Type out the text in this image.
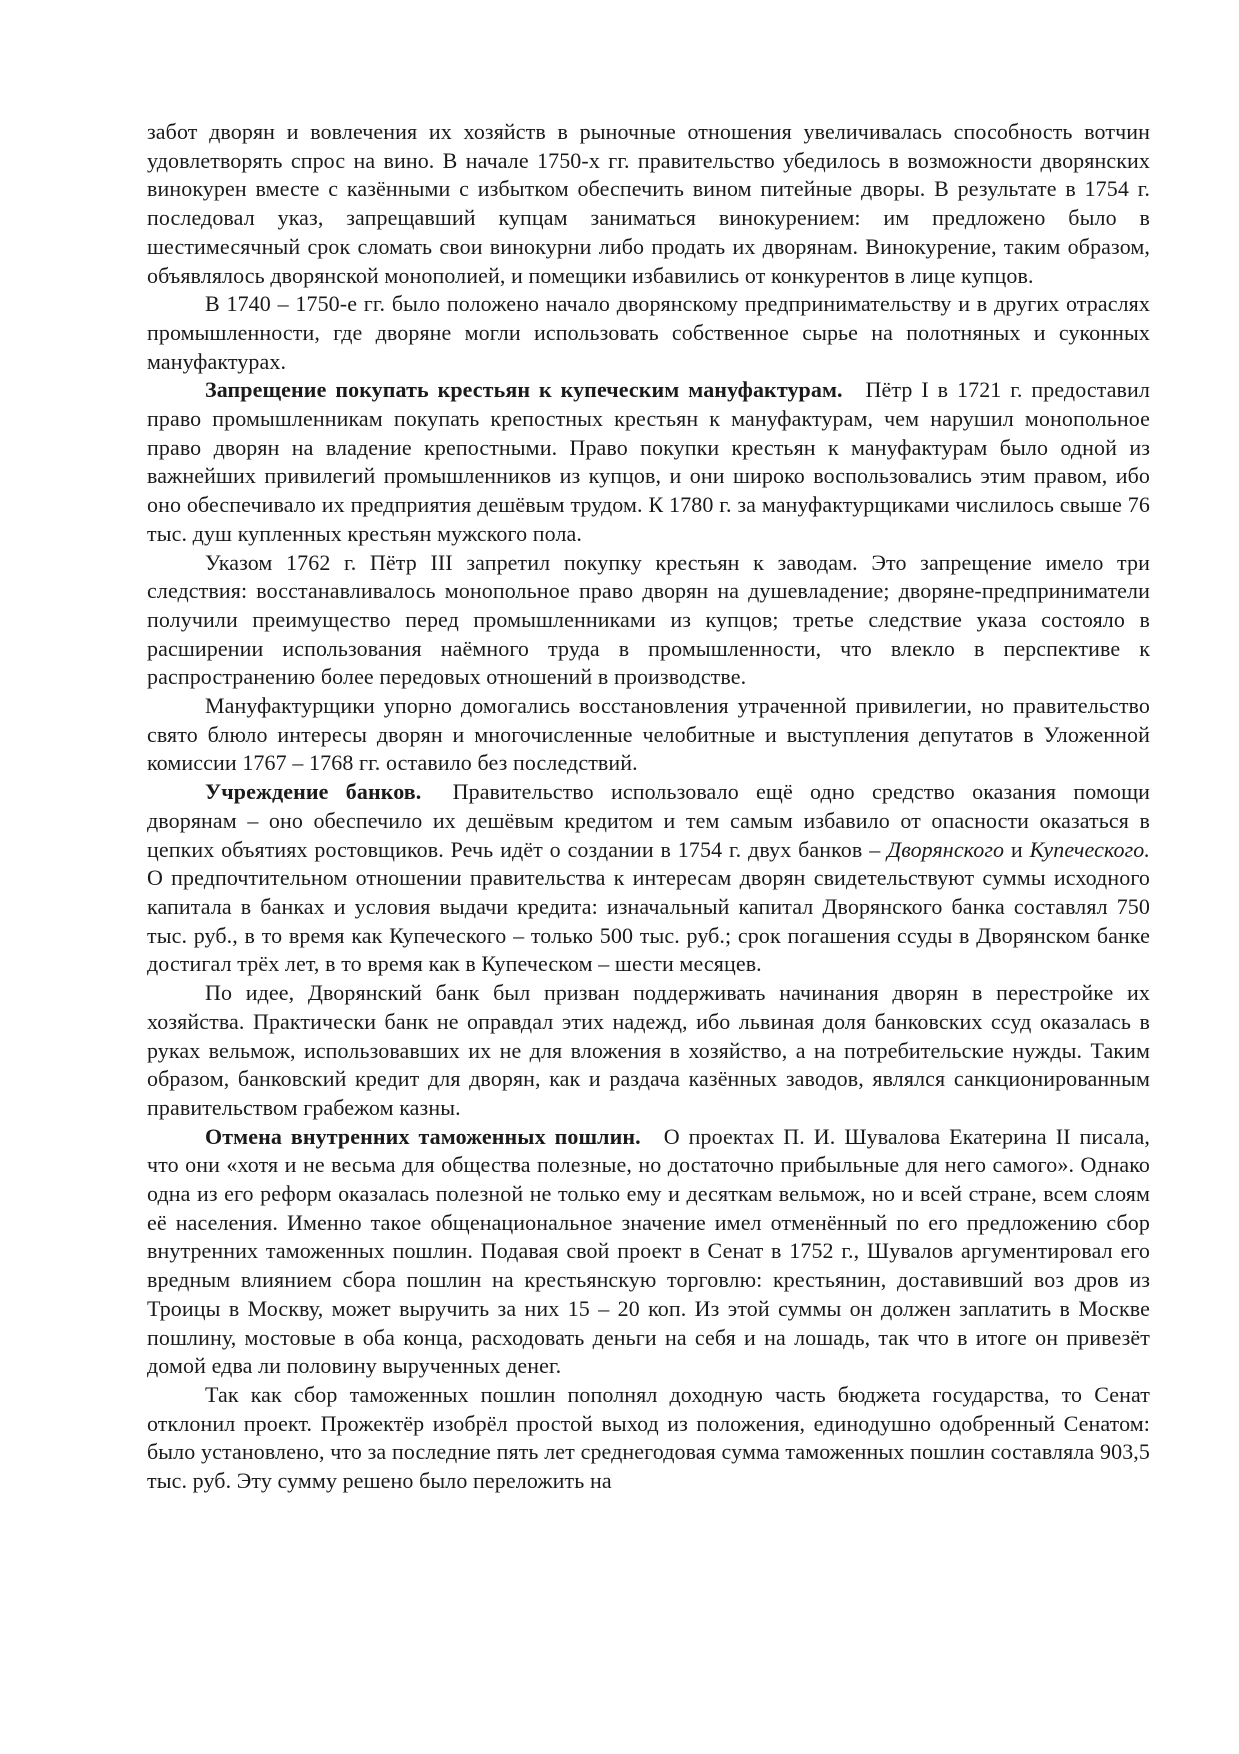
забот дворян и вовлечения их хозяйств в рыночные отношения увеличивалась способность вотчин удовлетворять спрос на вино. В начале 1750-х гг. правительство убедилось в возможности дворянских винокурен вместе с казёнными с избытком обеспечить вином питейные дворы. В результате в 1754 г. последовал указ, запрещавший купцам заниматься винокурением: им предложено было в шестимесячный срок сломать свои винокурни либо продать их дворянам. Винокурение, таким образом, объявлялось дворянской монополией, и помещики избавились от конкурентов в лице купцов.

В 1740 – 1750-е гг. было положено начало дворянскому предпринимательству и в других отраслях промышленности, где дворяне могли использовать собственное сырье на полотняных и суконных мануфактурах.

Запрещение покупать крестьян к купеческим мануфактурам. Пётр I в 1721 г. предоставил право промышленникам покупать крепостных крестьян к мануфактурам, чем нарушил монопольное право дворян на владение крепостными. Право покупки крестьян к мануфактурам было одной из важнейших привилегий промышленников из купцов, и они широко воспользовались этим правом, ибо оно обеспечивало их предприятия дешёвым трудом. К 1780 г. за мануфактурщиками числилось свыше 76 тыс. душ купленных крестьян мужского пола.

Указом 1762 г. Пётр III запретил покупку крестьян к заводам. Это запрещение имело три следствия: восстанавливалось монопольное право дворян на душевладение; дворяне-предприниматели получили преимущество перед промышленниками из купцов; третье следствие указа состояло в расширении использования наёмного труда в промышленности, что влекло в перспективе к распространению более передовых отношений в производстве.

Мануфактурщики упорно домогались восстановления утраченной привилегии, но правительство свято блюло интересы дворян и многочисленные челобитные и выступления депутатов в Уложенной комиссии 1767 – 1768 гг. оставило без последствий.

Учреждение банков. Правительство использовало ещё одно средство оказания помощи дворянам – оно обеспечило их дешёвым кредитом и тем самым избавило от опасности оказаться в цепких объятиях ростовщиков. Речь идёт о создании в 1754 г. двух банков – Дворянского и Купеческого. О предпочтительном отношении правительства к интересам дворян свидетельствуют суммы исходного капитала в банках и условия выдачи кредита: изначальный капитал Дворянского банка составлял 750 тыс. руб., в то время как Купеческого – только 500 тыс. руб.; срок погашения ссуды в Дворянском банке достигал трёх лет, в то время как в Купеческом – шести месяцев.

По идее, Дворянский банк был призван поддерживать начинания дворян в перестройке их хозяйства. Практически банк не оправдал этих надежд, ибо львиная доля банковских ссуд оказалась в руках вельмож, использовавших их не для вложения в хозяйство, а на потребительские нужды. Таким образом, банковский кредит для дворян, как и раздача казённых заводов, являлся санкционированным правительством грабежом казны.

Отмена внутренних таможенных пошлин. О проектах П. И. Шувалова Екатерина II писала, что они «хотя и не весьма для общества полезные, но достаточно прибыльные для него самого». Однако одна из его реформ оказалась полезной не только ему и десяткам вельмож, но и всей стране, всем слоям её населения. Именно такое общенациональное значение имел отменённый по его предложению сбор внутренних таможенных пошлин. Подавая свой проект в Сенат в 1752 г., Шувалов аргументировал его вредным влиянием сбора пошлин на крестьянскую торговлю: крестьянин, доставивший воз дров из Троицы в Москву, может выручить за них 15 – 20 коп. Из этой суммы он должен заплатить в Москве пошлину, мостовые в оба конца, расходовать деньги на себя и на лошадь, так что в итоге он привезёт домой едва ли половину вырученных денег.

Так как сбор таможенных пошлин пополнял доходную часть бюджета государства, то Сенат отклонил проект. Прожектёр изобрёл простой выход из положения, единодушно одобренный Сенатом: было установлено, что за последние пять лет среднегодовая сумма таможенных пошлин составляла 903,5 тыс. руб. Эту сумму решено было переложить на
